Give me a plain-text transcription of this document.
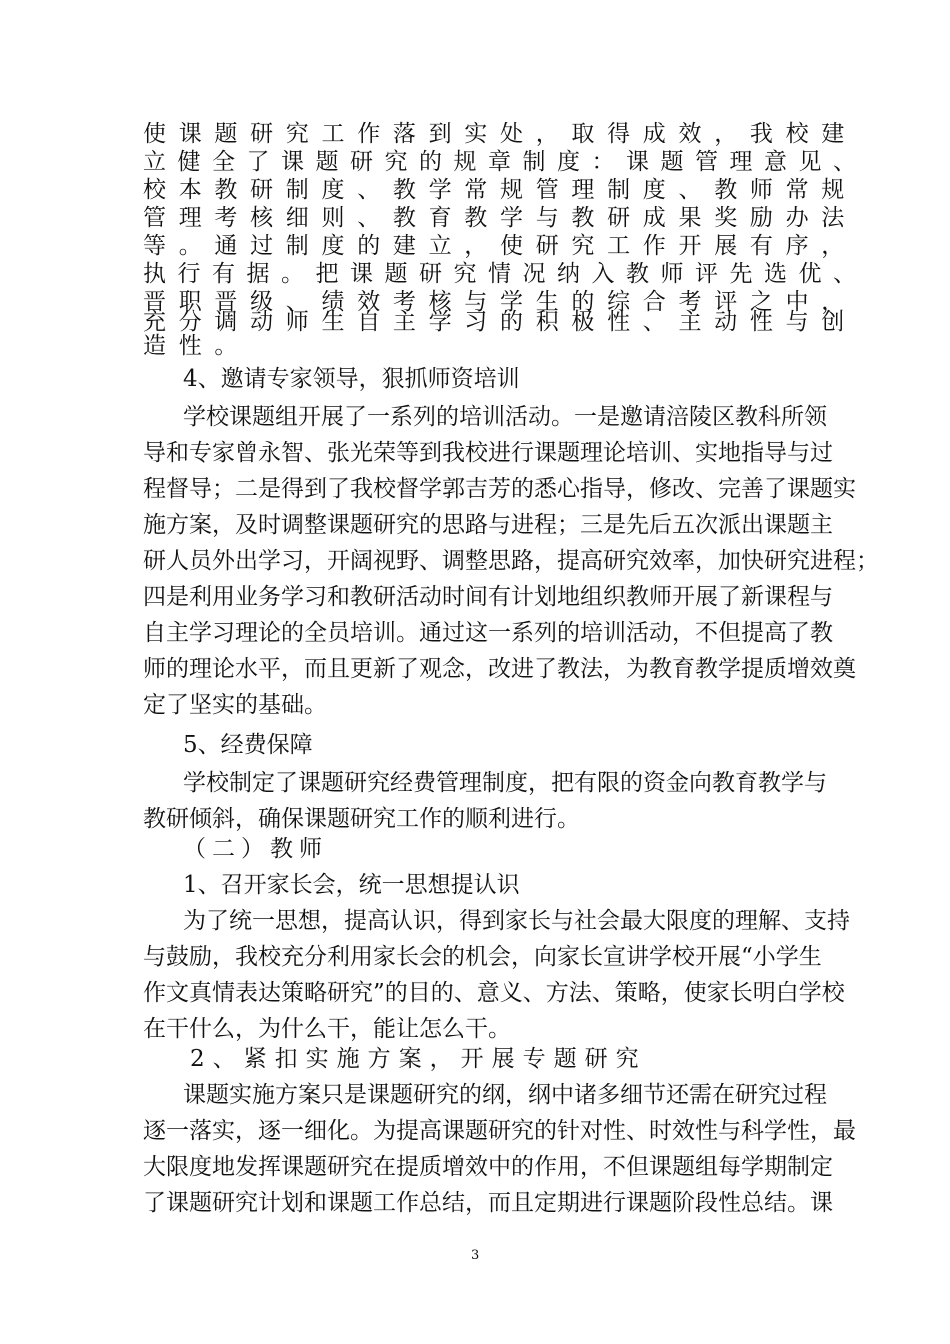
使课题研究工作落到实处，取得成效，我校建

立健全了课题研究的规章制度：课题管理意见、

校本教研制度、教学常规管理制度、教师常规

管理考核细则、教育教学与教研成果奖励办法

等。通过制度的建立，使研究工作开展有序，

执行有据。把课题研究情况纳入教师评先选优、

晋职晋级、绩效考核与学生的综合考评之中，

充分调动师生自主学习的积极性、主动性与创

造性。

4、邀请专家领导，狠抓师资培训

学校课题组开展了一系列的培训活动。一是邀请涪陵区教科所领

导和专家曾永智、张光荣等到我校进行课题理论培训、实地指导与过

程督导；二是得到了我校督学郭吉芳的悉心指导，修改、完善了课题实

施方案，及时调整课题研究的思路与进程；三是先后五次派出课题主

研人员外出学习，开阔视野、调整思路，提高研究效率，加快研究进程；

四是利用业务学习和教研活动时间有计划地组织教师开展了新课程与

自主学习理论的全员培训。通过这一系列的培训活动，不但提高了教

师的理论水平，而且更新了观念，改进了教法，为教育教学提质增效奠

定了坚实的基础。

5、经费保障

学校制定了课题研究经费管理制度，把有限的资金向教育教学与

教研倾斜，确保课题研究工作的顺利进行。

（二）教师

1、召开家长会，统一思想提认识

为了统一思想，提高认识，得到家长与社会最大限度的理解、支持

与鼓励，我校充分利用家长会的机会，向家长宣讲学校开展“小学生

作文真情表达策略研究”的目的、意义、方法、策略，使家长明白学校

在干什么，为什么干，能让怎么干。

2、紧扣实施方案，开展专题研究

课题实施方案只是课题研究的纲，纲中诸多细节还需在研究过程

逐一落实，逐一细化。为提高课题研究的针对性、时效性与科学性，最

大限度地发挥课题研究在提质增效中的作用，不但课题组每学期制定

了课题研究计划和课题工作总结，而且定期进行课题阶段性总结。课

3
